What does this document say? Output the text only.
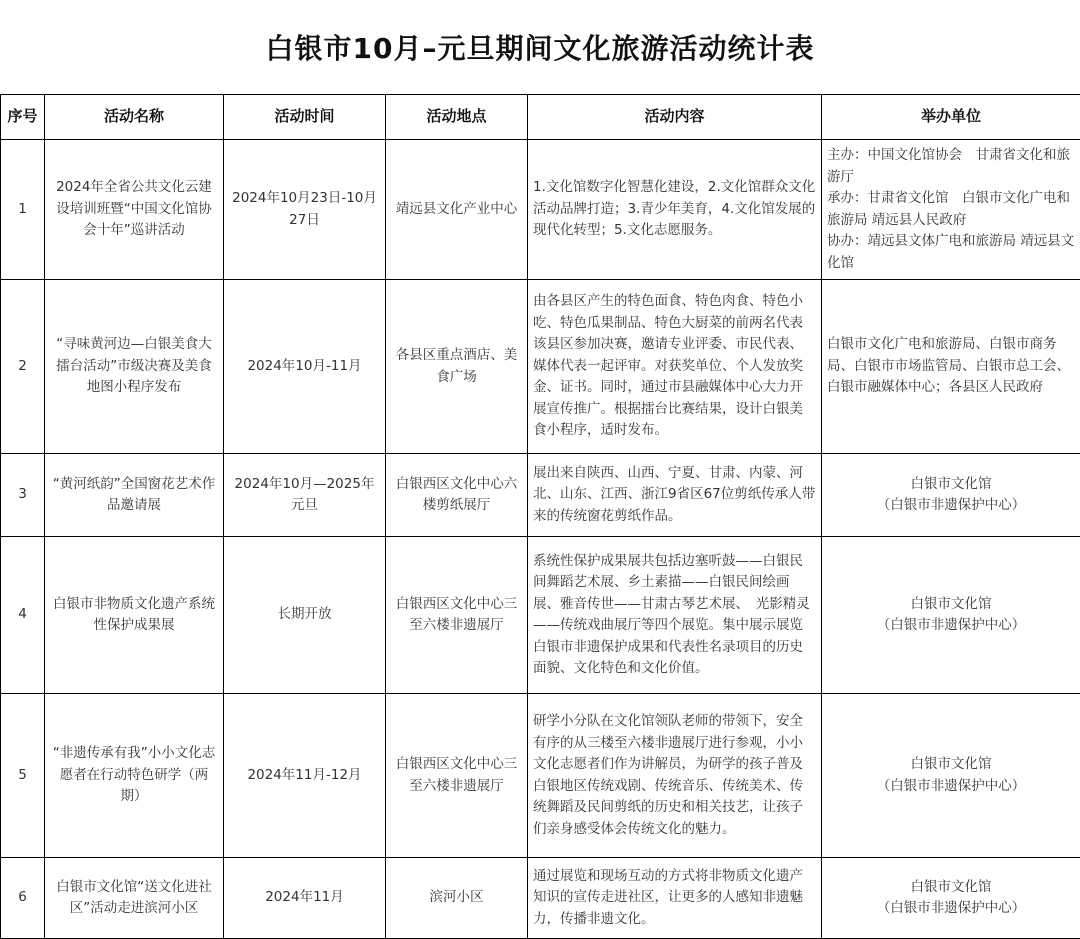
白银市10月–元旦期间文化旅游活动统计表
序号	活动名称	活动时间	活动地点	活动内容	举办单位
1	2024年全省公共文化云建设培训班暨“中国文化馆协会十年”巡讲活动	2024年10月23日-10月27日	靖远县文化产业中心	1.文化馆数字化智慧化建设，2.文化馆群众文化活动品牌打造；3.青少年美育，4.文化馆发展的现代化转型；5.文化志愿服务。	主办：中国文化馆协会　甘肃省文化和旅游厅
承办：甘肃省文化馆　白银市文化广电和旅游局 靖远县人民政府
协办：靖远县文体广电和旅游局 靖远县文化馆

2	“寻味黄河边—白银美食大擂台活动”市级决赛及美食地图小程序发布	2024年10月-11月	各县区重点酒店、美食广场	由各县区产生的特色面食、特色肉食、特色小吃、特色瓜果制品、特色大厨菜的前两名代表该县区参加决赛，邀请专业评委、市民代表、媒体代表一起评审。对获奖单位、个人发放奖金、证书。同时，通过市县融媒体中心大力开展宣传推广。根据擂台比赛结果，设计白银美食小程序，适时发布。	白银市文化广电和旅游局、白银市商务局、白银市市场监管局、白银市总工会、白银市融媒体中心；各县区人民政府

3	“黄河纸韵”全国窗花艺术作品邀请展	2024年10月—2025年元旦	白银西区文化中心六楼剪纸展厅	展出来自陕西、山西、宁夏、甘肃、内蒙、河北、山东、江西、浙江9省区67位剪纸传承人带来的传统窗花剪纸作品。	白银市文化馆
（白银市非遗保护中心）

4	白银市非物质文化遗产系统性保护成果展	长期开放	白银西区文化中心三至六楼非遗展厅	系统性保护成果展共包括边塞听鼓——白银民间舞蹈艺术展、乡土素描——白银民间绘画展、雅音传世——甘肃古琴艺术展、　光影精灵——传统戏曲展厅等四个展览。集中展示展览白银市非遗保护成果和代表性名录项目的历史面貌、文化特色和文化价值。	白银市文化馆
（白银市非遗保护中心）

5	“非遗传承有我”小小文化志愿者在行动特色研学（两期）	2024年11月-12月	白银西区文化中心三至六楼非遗展厅	研学小分队在文化馆领队老师的带领下，安全有序的从三楼至六楼非遗展厅进行参观，小小文化志愿者们作为讲解员，为研学的孩子普及白银地区传统戏剧、传统音乐、传统美术、传统舞蹈及民间剪纸的历史和相关技艺，让孩子们亲身感受体会传统文化的魅力。	白银市文化馆
（白银市非遗保护中心）

6	白银市文化馆“送文化进社区”活动走进滨河小区	2024年11月	滨河小区	通过展览和现场互动的方式将非物质文化遗产知识的宣传走进社区，让更多的人感知非遗魅力，传播非遗文化。	白银市文化馆
（白银市非遗保护中心）
